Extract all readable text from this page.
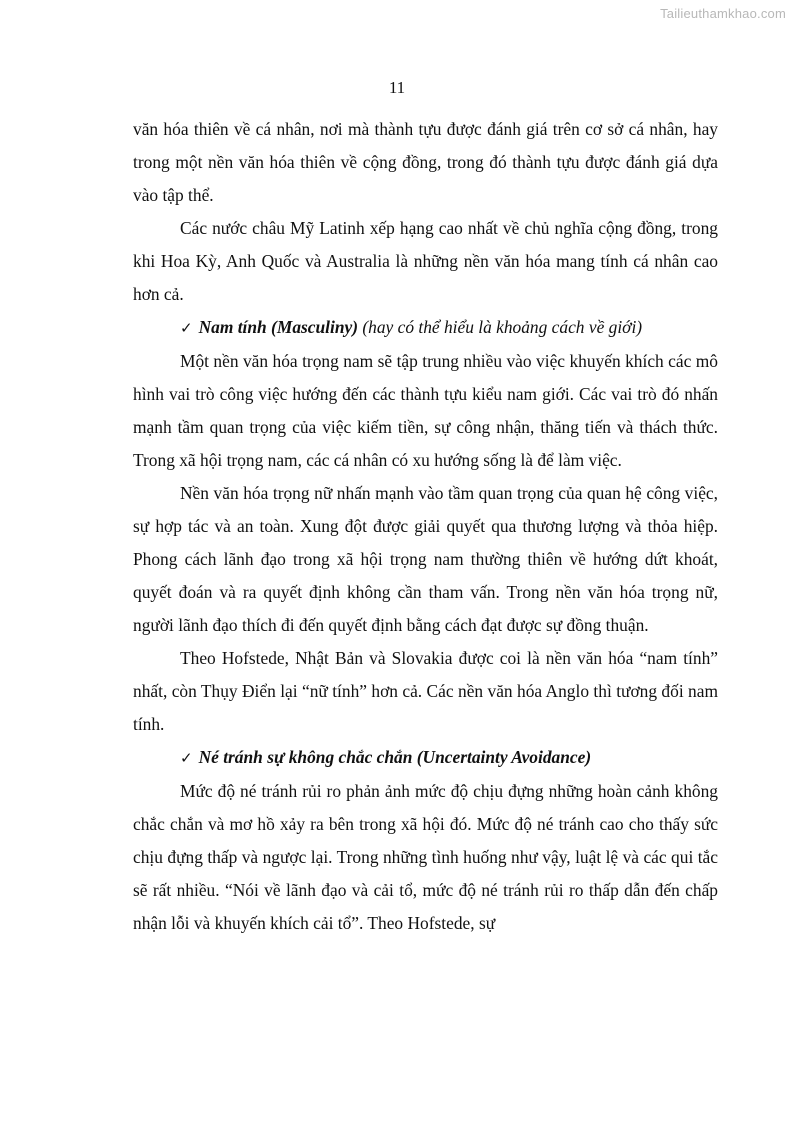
Tailieuthamkhao.com
11

văn hóa thiên về cá nhân, nơi mà thành tựu được đánh giá trên cơ sở cá nhân, hay trong một nền văn hóa thiên về cộng đồng, trong đó thành tựu được đánh giá dựa vào tập thể.

Các nước châu Mỹ Latinh xếp hạng cao nhất về chủ nghĩa cộng đồng, trong khi Hoa Kỳ, Anh Quốc và Australia là những nền văn hóa mang tính cá nhân cao hơn cả.

✓ Nam tính (Masculiny) (hay có thể hiểu là khoảng cách về giới)

Một nền văn hóa trọng nam sẽ tập trung nhiều vào việc khuyến khích các mô hình vai trò công việc hướng đến các thành tựu kiểu nam giới. Các vai trò đó nhấn mạnh tầm quan trọng của việc kiếm tiền, sự công nhận, thăng tiến và thách thức. Trong xã hội trọng nam, các cá nhân có xu hướng sống là để làm việc.

Nền văn hóa trọng nữ nhấn mạnh vào tầm quan trọng của quan hệ công việc, sự hợp tác và an toàn. Xung đột được giải quyết qua thương lượng và thỏa hiệp. Phong cách lãnh đạo trong xã hội trọng nam thường thiên về hướng dứt khoát, quyết đoán và ra quyết định không cần tham vấn. Trong nền văn hóa trọng nữ, người lãnh đạo thích đi đến quyết định bằng cách đạt được sự đồng thuận.

Theo Hofstede, Nhật Bản và Slovakia được coi là nền văn hóa “nam tính” nhất, còn Thụy Điển lại “nữ tính” hơn cả. Các nền văn hóa Anglo thì tương đối nam tính.

✓ Né tránh sự không chắc chắn (Uncertainty Avoidance)

Mức độ né tránh rủi ro phản ảnh mức độ chịu đựng những hoàn cảnh không chắc chắn và mơ hồ xảy ra bên trong xã hội đó. Mức độ né tránh cao cho thấy sức chịu đựng thấp và ngược lại. Trong những tình huống như vậy, luật lệ và các qui tắc sẽ rất nhiều. “Nói về lãnh đạo và cải tổ, mức độ né tránh rủi ro thấp dẫn đến chấp nhận lỗi và khuyến khích cải tổ”. Theo Hofstede, sự
